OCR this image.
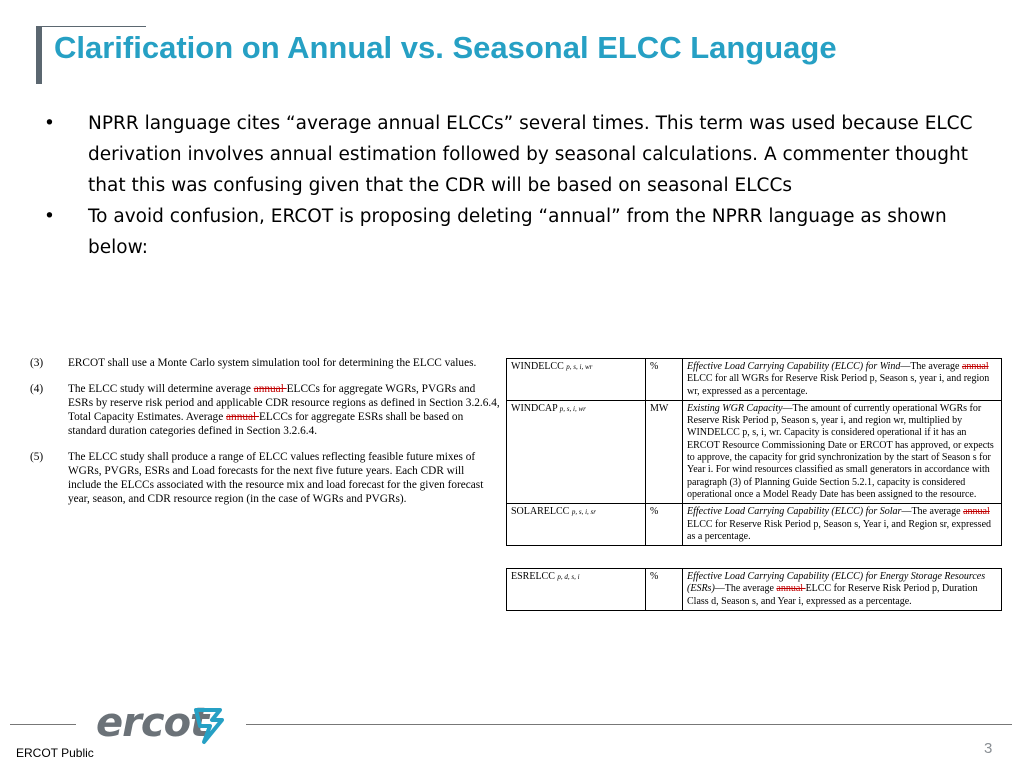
Clarification on Annual vs. Seasonal ELCC Language
•	NPRR language cites “average annual ELCCs” several times. This term was used because ELCC derivation involves annual estimation followed by seasonal calculations. A commenter thought that this was confusing given that the CDR will be based on seasonal ELCCs
•	To avoid confusion, ERCOT is proposing deleting “annual” from the NPRR language as shown below:
(3)	ERCOT shall use a Monte Carlo system simulation tool for determining the ELCC values.
(4)	The ELCC study will determine average annual ELCCs for aggregate WGRs, PVGRs and ESRs by reserve risk period and applicable CDR resource regions as defined in Section 3.2.6.4, Total Capacity Estimates. Average annual ELCCs for aggregate ESRs shall be based on standard duration categories defined in Section 3.2.6.4.
(5)	The ELCC study shall produce a range of ELCC values reflecting feasible future mixes of WGRs, PVGRs, ESRs and Load forecasts for the next five future years. Each CDR will include the ELCCs associated with the resource mix and load forecast for the given forecast year, season, and CDR resource region (in the case of WGRs and PVGRs).
WINDELCC p, s, i, wr	%	Effective Load Carrying Capability (ELCC) for Wind—The average annual ELCC for all WGRs for Reserve Risk Period p, Season s, year i, and region wr, expressed as a percentage.
WINDCAP p, s, i, wr	MW	Existing WGR Capacity—The amount of currently operational WGRs for Reserve Risk Period p, Season s, year i, and region wr, multiplied by WINDELCC p, s, i, wr. Capacity is considered operational if it has an ERCOT Resource Commissioning Date or ERCOT has approved, or expects to approve, the capacity for grid synchronization by the start of Season s for Year i. For wind resources classified as small generators in accordance with paragraph (3) of Planning Guide Section 5.2.1, capacity is considered operational once a Model Ready Date has been assigned to the resource.
SOLARELCC p, s, i, sr	%	Effective Load Carrying Capability (ELCC) for Solar—The average annual ELCC for Reserve Risk Period p, Season s, Year i, and Region sr, expressed as a percentage.
ESRELCC p, d, s, i	%	Effective Load Carrying Capability (ELCC) for Energy Storage Resources (ESRs)—The average annual ELCC for Reserve Risk Period p, Duration Class d, Season s, and Year i, expressed as a percentage.
ercot
ERCOT Public	3
